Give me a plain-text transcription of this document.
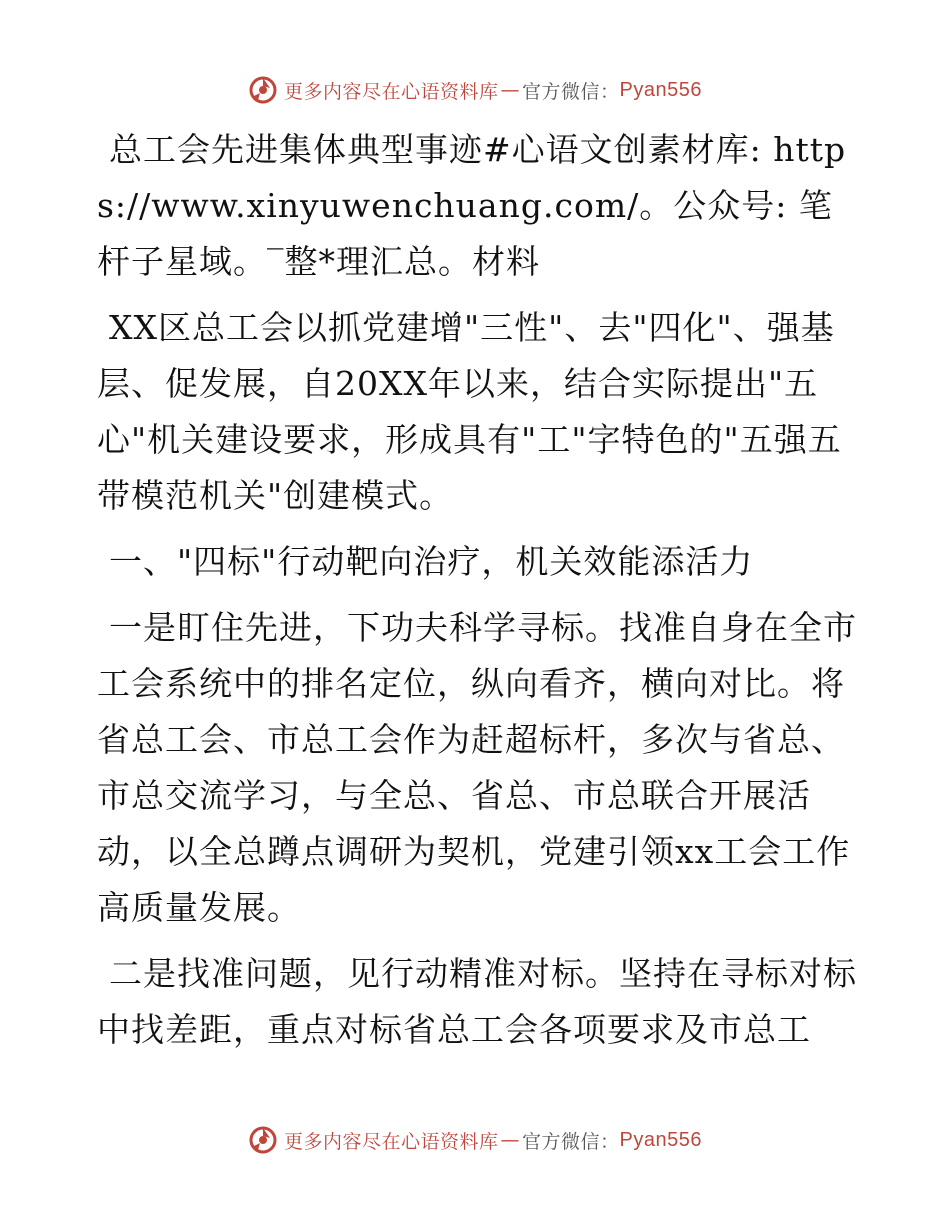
更多内容尽在心语资料库 — 官方微信： Pyan556

总工会先进集体典型事迹#心语文创素材库: https://www.xinyuwenchuang.com/。公众号: 笔杆子星域。‾整*理汇总。材料

XX区总工会以抓党建增"三性"、去"四化"、强基层、促发展，自20XX年以来，结合实际提出"五心"机关建设要求，形成具有"工"字特色的"五强五带模范机关"创建模式。

一、"四标"行动靶向治疗，机关效能添活力

一是盯住先进，下功夫科学寻标。找准自身在全市工会系统中的排名定位，纵向看齐，横向对比。将省总工会、市总工会作为赶超标杆，多次与省总、市总交流学习，与全总、省总、市总联合开展活动，以全总蹲点调研为契机，党建引领xx工会工作高质量发展。

二是找准问题，见行动精准对标。坚持在寻标对标中找差距，重点对标省总工会各项要求及市总工

更多内容尽在心语资料库 — 官方微信： Pyan556
